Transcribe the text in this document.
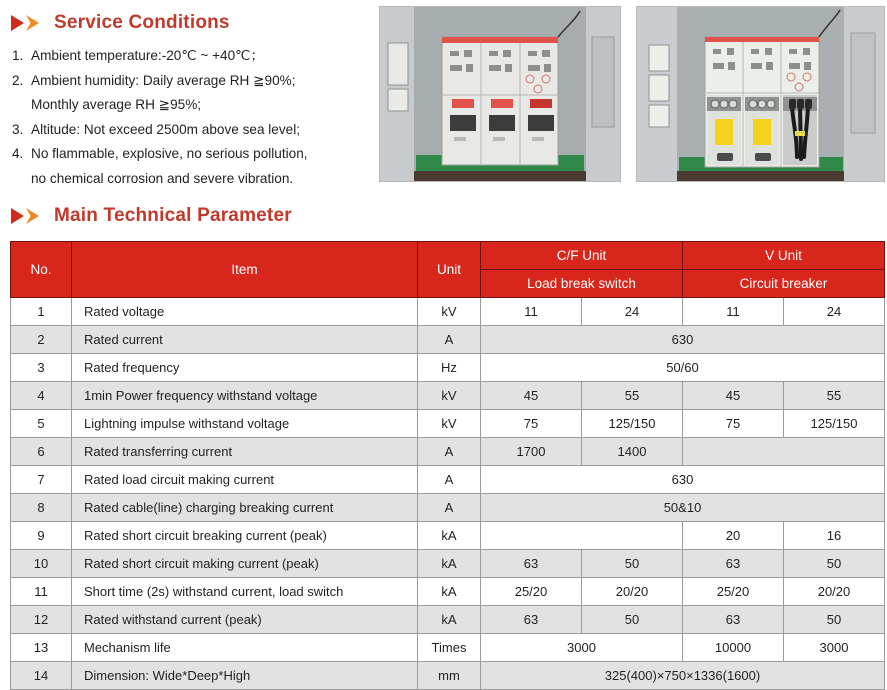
Service Conditions
1. Ambient temperature:-20℃ ~ +40℃；
2. Ambient humidity: Daily average RH ≧90%;
Monthly average RH ≧95%;
3. Altitude: Not exceed 2500m above sea level;
4. No flammable, explosive, no serious pollution,
no chemical corrosion and severe vibration.
Main Technical Parameter
No.	Item	Unit	C/F Unit		V Unit	
			Load break switch		Circuit breaker	
1	Rated voltage	kV	11	24	11	24
2	Rated current	A	630			
3	Rated frequency	Hz	50/60			
4	1min Power frequency withstand voltage	kV	45	55	45	55
5	Lightning impulse withstand voltage	kV	75	125/150	75	125/150
6	Rated transferring current	A	1700	1400		
7	Rated load circuit making current	A	630			
8	Rated cable(line) charging breaking current	A	50&10			
9	Rated short circuit breaking current (peak)	kA			20	16
10	Rated short circuit making current (peak)	kA	63	50	63	50
11	Short time (2s) withstand current, load switch	kA	25/20	20/20	25/20	20/20
12	Rated withstand current (peak)	kA	63	50	63	50
13	Mechanism life	Times	3000		10000	3000
14	Dimension: Wide*Deep*High	mm	325(400)×750×1336(1600)			
